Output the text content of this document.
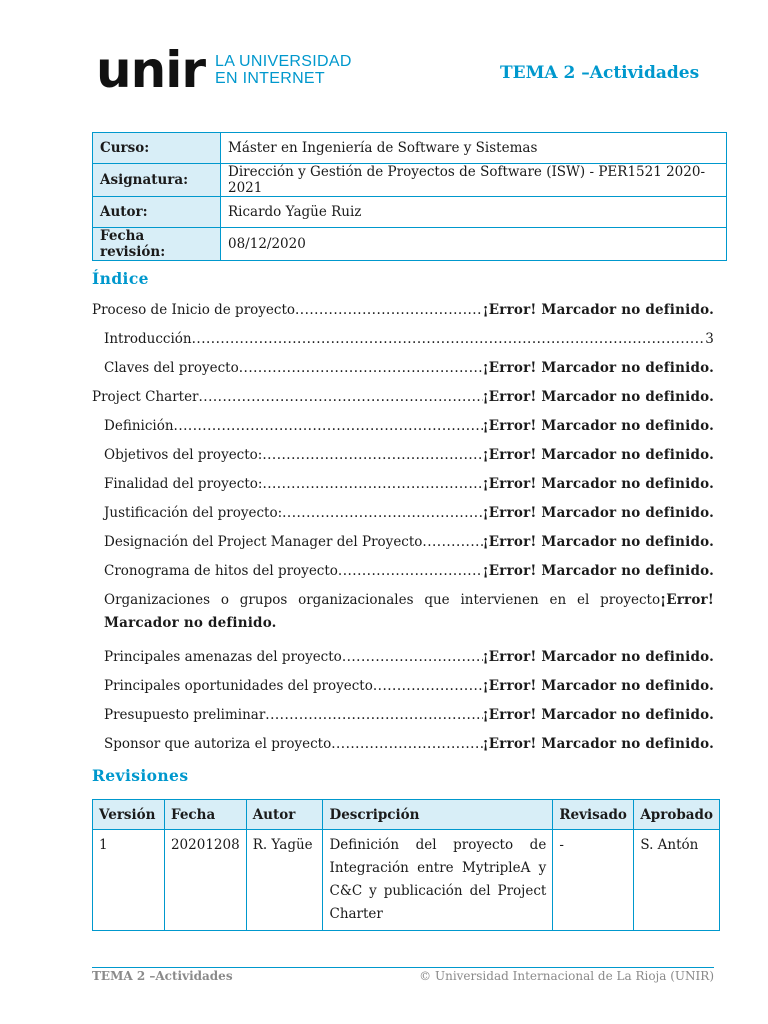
unir LA UNIVERSIDAD
EN INTERNET	TEMA 2 –Actividades
Curso:	Máster en Ingeniería de Software y Sistemas
Asignatura:	Dirección y Gestión de Proyectos de Software (ISW) - PER1521 2020-2021
Autor:	Ricardo Yagüe Ruiz
Fecha revisión:	08/12/2020
Índice
Proceso de Inicio de proyecto .....	¡Error! Marcador no definido.
Introducción .....	3
Claves del proyecto .....	¡Error! Marcador no definido.
Project Charter .....	¡Error! Marcador no definido.
Definición .....	¡Error! Marcador no definido.
Objetivos del proyecto: .....	¡Error! Marcador no definido.
Finalidad del proyecto: .....	¡Error! Marcador no definido.
Justificación del proyecto: .....	¡Error! Marcador no definido.
Designación del Project Manager del Proyecto .....	¡Error! Marcador no definido.
Cronograma de hitos del proyecto .....	¡Error! Marcador no definido.
Organizaciones o grupos organizacionales que intervienen en el proyecto¡Error! Marcador no definido.
Principales amenazas del proyecto .....	¡Error! Marcador no definido.
Principales oportunidades del proyecto .....	¡Error! Marcador no definido.
Presupuesto preliminar .....	¡Error! Marcador no definido.
Sponsor que autoriza el proyecto .....	¡Error! Marcador no definido.
Revisiones
Versión	Fecha	Autor	Descripción	Revisado	Aprobado
1	20201208	R. Yagüe	Definición del proyecto de Integración entre MytripleA y C&C y publicación del Project Charter	-	S. Antón
TEMA 2 –Actividades	© Universidad Internacional de La Rioja (UNIR)
